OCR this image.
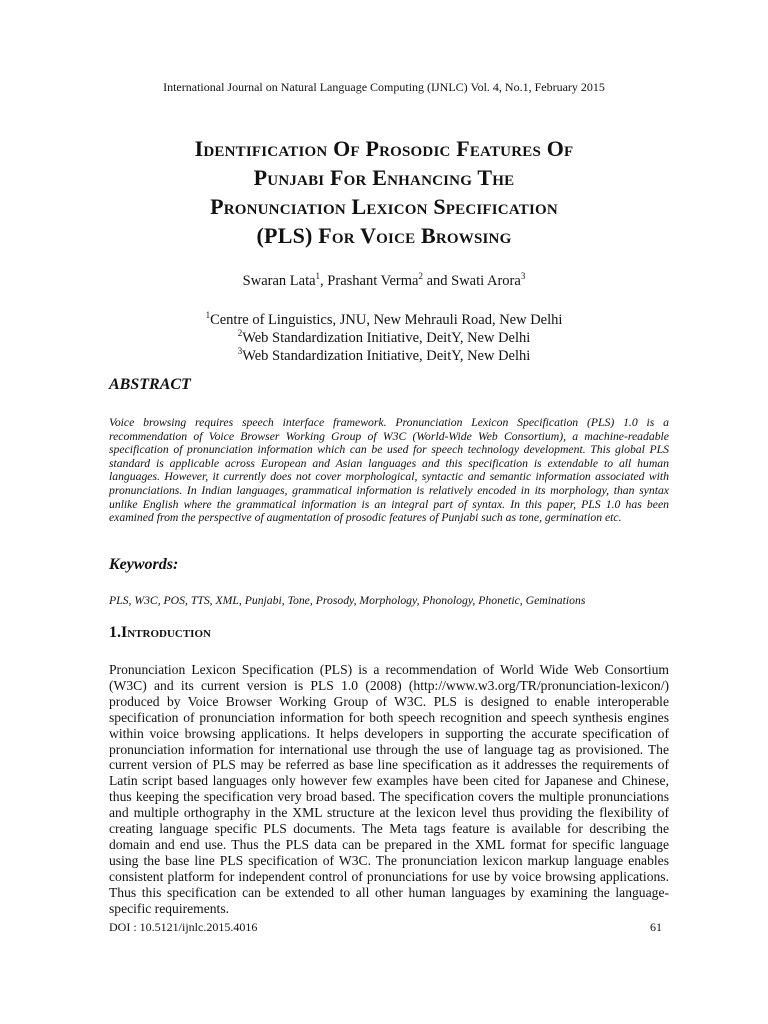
International Journal on Natural Language Computing (IJNLC) Vol. 4, No.1, February 2015
Identification Of Prosodic Features Of
Punjabi For Enhancing The
Pronunciation Lexicon Specification
(PLS) For Voice Browsing
Swaran Lata$^1$, Prashant Verma$^2$ and Swati Arora$^3$
$^1$Centre of Linguistics, JNU, New Mehrauli Road, New Delhi
$^2$Web Standardization Initiative, DeitY, New Delhi
$^3$Web Standardization Initiative, DeitY, New Delhi
ABSTRACT
Voice browsing requires speech interface framework. Pronunciation Lexicon Specification (PLS) 1.0 is a recommendation of Voice Browser Working Group of W3C (World-Wide Web Consortium), a machine-readable specification of pronunciation information which can be used for speech technology development. This global PLS standard is applicable across European and Asian languages and this specification is extendable to all human languages. However, it currently does not cover morphological, syntactic and semantic information associated with pronunciations. In Indian languages, grammatical information is relatively encoded in its morphology, than syntax unlike English where the grammatical information is an integral part of syntax. In this paper, PLS 1.0 has been examined from the perspective of augmentation of prosodic features of Punjabi such as tone, germination etc.
Keywords:
PLS, W3C, POS, TTS, XML, Punjabi, Tone, Prosody, Morphology, Phonology, Phonetic, Geminations
1.Introduction
Pronunciation Lexicon Specification (PLS) is a recommendation of World Wide Web Consortium (W3C) and its current version is PLS 1.0 (2008) (http://www.w3.org/TR/pronunciation-lexicon/) produced by Voice Browser Working Group of W3C. PLS is designed to enable interoperable specification of pronunciation information for both speech recognition and speech synthesis engines within voice browsing applications. It helps developers in supporting the accurate specification of pronunciation information for international use through the use of language tag as provisioned. The current version of PLS may be referred as base line specification as it addresses the requirements of Latin script based languages only however few examples have been cited for Japanese and Chinese, thus keeping the specification very broad based. The specification covers the multiple pronunciations and multiple orthography in the XML structure at the lexicon level thus providing the flexibility of creating language specific PLS documents. The Meta tags feature is available for describing the domain and end use. Thus the PLS data can be prepared in the XML format for specific language using the base line PLS specification of W3C. The pronunciation lexicon markup language enables consistent platform for independent control of pronunciations for use by voice browsing applications. Thus this specification can be extended to all other human languages by examining the language-specific requirements.
DOI : 10.5121/ijnlc.2015.4016	61
